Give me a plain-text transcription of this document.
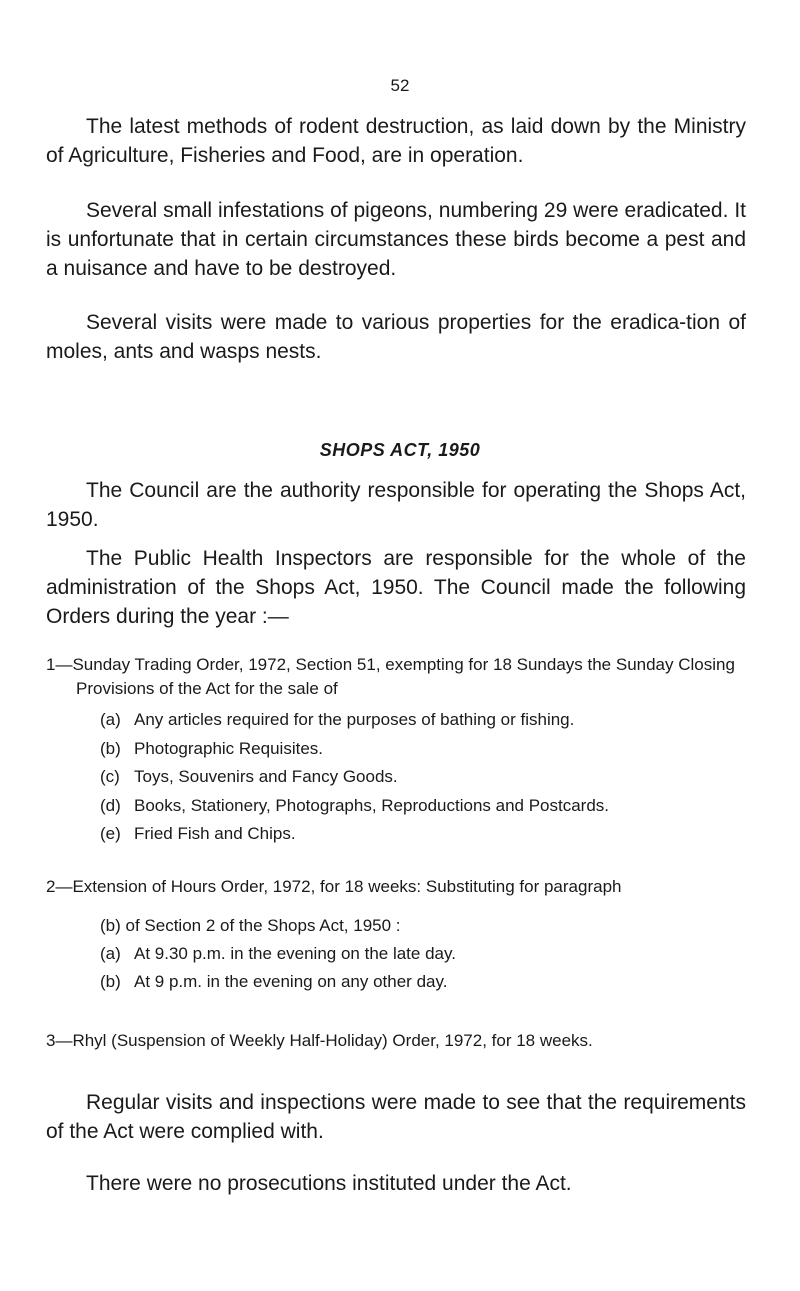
52

The latest methods of rodent destruction, as laid down by the Ministry of Agriculture, Fisheries and Food, are in operation.

Several small infestations of pigeons, numbering 29 were eradicated. It is unfortunate that in certain circumstances these birds become a pest and a nuisance and have to be destroyed.

Several visits were made to various properties for the eradica-tion of moles, ants and wasps nests.

SHOPS ACT, 1950

The Council are the authority responsible for operating the Shops Act, 1950.

The Public Health Inspectors are responsible for the whole of the administration of the Shops Act, 1950. The Council made the following Orders during the year :—

1—Sunday Trading Order, 1972, Section 51, exempting for 18 Sundays the Sunday Closing Provisions of the Act for the sale of

(a) Any articles required for the purposes of bathing or fishing.
(b) Photographic Requisites.
(c) Toys, Souvenirs and Fancy Goods.
(d) Books, Stationery, Photographs, Reproductions and Postcards.
(e) Fried Fish and Chips.

2—Extension of Hours Order, 1972, for 18 weeks: Substituting for paragraph

(b) of Section 2 of the Shops Act, 1950 :

(a) At 9.30 p.m. in the evening on the late day.
(b) At 9 p.m. in the evening on any other day.

3—Rhyl (Suspension of Weekly Half-Holiday) Order, 1972, for 18 weeks.

Regular visits and inspections were made to see that the requirements of the Act were complied with.

There were no prosecutions instituted under the Act.
